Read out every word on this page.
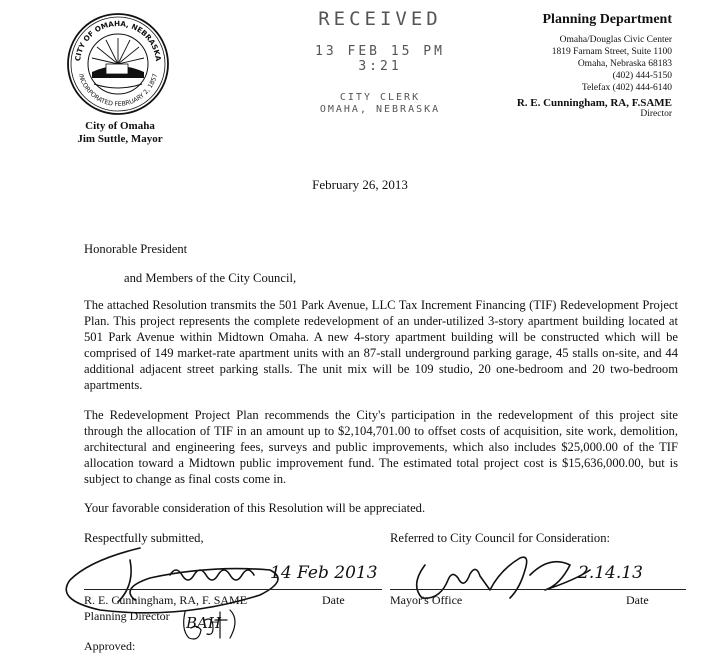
CITY OF OMAHA, NEBRASKA
INCORPORATED FEBRUARY 2, 1857
City of Omaha
Jim Suttle, Mayor
RECEIVED
13 FEB 15 PM 3:21
CITY CLERK
OMAHA, NEBRASKA
Planning Department
Omaha/Douglas Civic Center
1819 Farnam Street, Suite 1100
Omaha, Nebraska 68183
(402) 444-5150
Telefax (402) 444-6140
R. E. Cunningham, RA, F.SAME
Director
February 26, 2013
Honorable President
and Members of the City Council,
The attached Resolution transmits the 501 Park Avenue, LLC Tax Increment Financing (TIF) Redevelopment Project Plan. This project represents the complete redevelopment of an under-utilized 3-story apartment building located at 501 Park Avenue within Midtown Omaha. A new 4-story apartment building will be constructed which will be comprised of 149 market-rate apartment units with an 87-stall underground parking garage, 45 stalls on-site, and 44 additional adjacent street parking stalls. The unit mix will be 109 studio, 20 one-bedroom and 20 two-bedroom apartments.
The Redevelopment Project Plan recommends the City's participation in the redevelopment of this project site through the allocation of TIF in an amount up to $2,104,701.00 to offset costs of acquisition, site work, demolition, architectural and engineering fees, surveys and public improvements, which also includes $25,000.00 of the TIF allocation toward a Midtown public improvement fund. The estimated total project cost is $15,636,000.00, but is subject to change as final costs come in.
Your favorable consideration of this Resolution will be appreciated.
Respectfully submitted,	Referred to City Council for Consideration:
14 Feb 2013	2.14.13
R. E. Cunningham, RA, F. SAME	Date	Mayor's Office	Date
Planning Director	BAH
Approved:
